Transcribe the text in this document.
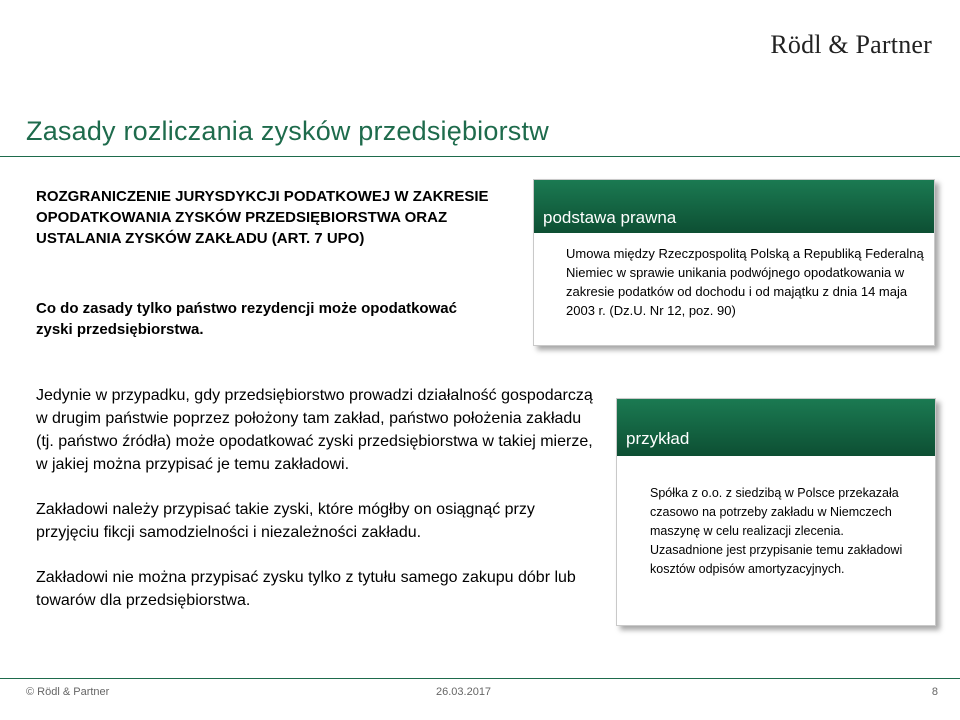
Rödl & Partner
Zasady rozliczania zysków przedsiębiorstw
ROZGRANICZENIE JURYSDYKCJI PODATKOWEJ W ZAKRESIE OPODATKOWANIA ZYSKÓW PRZEDSIĘBIORSTWA ORAZ USTALANIA ZYSKÓW ZAKŁADU (ART. 7 UPO)
Co do zasady tylko państwo rezydencji może opodatkować zyski przedsiębiorstwa.

Jedynie w przypadku, gdy przedsiębiorstwo prowadzi działalność gospodarczą w drugim państwie poprzez położony tam zakład, państwo położenia zakładu (tj. państwo źródła) może opodatkować zyski przedsiębiorstwa w takiej mierze, w jakiej można przypisać je temu zakładowi.

Zakładowi należy przypisać takie zyski, które mógłby on osiągnąć przy przyjęciu fikcji samodzielności i niezależności zakładu.

Zakładowi nie można przypisać zysku tylko z tytułu samego zakupu dóbr lub towarów dla przedsiębiorstwa.

podstawa prawna
Umowa między Rzeczpospolitą Polską a Republiką Federalną Niemiec w sprawie unikania podwójnego opodatkowania w zakresie podatków od dochodu i od majątku z dnia 14 maja 2003 r. (Dz.U. Nr 12, poz. 90)
przykład
Spółka z o.o. z siedzibą w Polsce przekazała czasowo na potrzeby zakładu w Niemczech maszynę w celu realizacji zlecenia. Uzasadnione jest przypisanie temu zakładowi kosztów odpisów amortyzacyjnych.
© Rödl & Partner	26.03.2017	8
